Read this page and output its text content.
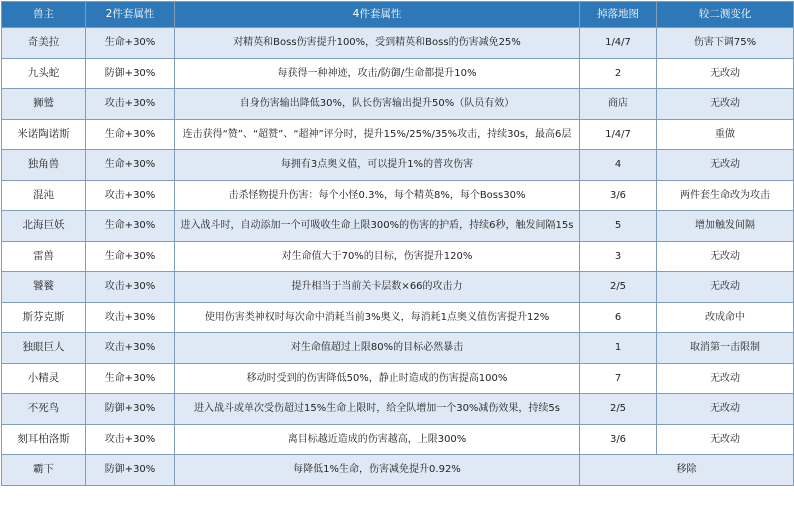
兽主	2件套属性	4件套属性	掉落地图	较二测变化
奇美拉	生命+30%	对精英和Boss伤害提升100%，受到精英和Boss的伤害减免25%	1/4/7	伤害下调75%
九头蛇	防御+30%	每获得一种神迹，攻击/防御/生命都提升10%	2	无改动
狮鹫	攻击+30%	自身伤害输出降低30%，队长伤害输出提升50%（队员有效）	商店	无改动
米诺陶诺斯	生命+30%	连击获得“赞”、“超赞”、“超神”评分时，提升15%/25%/35%攻击，持续30s，最高6层	1/4/7	重做
独角兽	生命+30%	每拥有3点奥义值，可以提升1%的普攻伤害	4	无改动
混沌	攻击+30%	击杀怪物提升伤害：每个小怪0.3%，每个精英8%，每个Boss30%	3/6	两件套生命改为攻击
北海巨妖	生命+30%	进入战斗时，自动添加一个可吸收生命上限300%的伤害的护盾，持续6秒，触发间隔15s	5	增加触发间隔
雷兽	生命+30%	对生命值大于70%的目标，伤害提升120%	3	无改动
饕餮	攻击+30%	提升相当于当前关卡层数×66的攻击力	2/5	无改动
斯芬克斯	攻击+30%	使用伤害类神权时每次命中消耗当前3%奥义，每消耗1点奥义值伤害提升12%	6	改成命中
独眼巨人	攻击+30%	对生命值超过上限80%的目标必然暴击	1	取消第一击限制
小精灵	生命+30%	移动时受到的伤害降低50%，静止时造成的伤害提高100%	7	无改动
不死鸟	防御+30%	进入战斗或单次受伤超过15%生命上限时，给全队增加一个30%减伤效果，持续5s	2/5	无改动
刻耳柏洛斯	攻击+30%	离目标越近造成的伤害越高，上限300%	3/6	无改动
霸下	防御+30%	每降低1%生命，伤害减免提升0.92%	移除	
